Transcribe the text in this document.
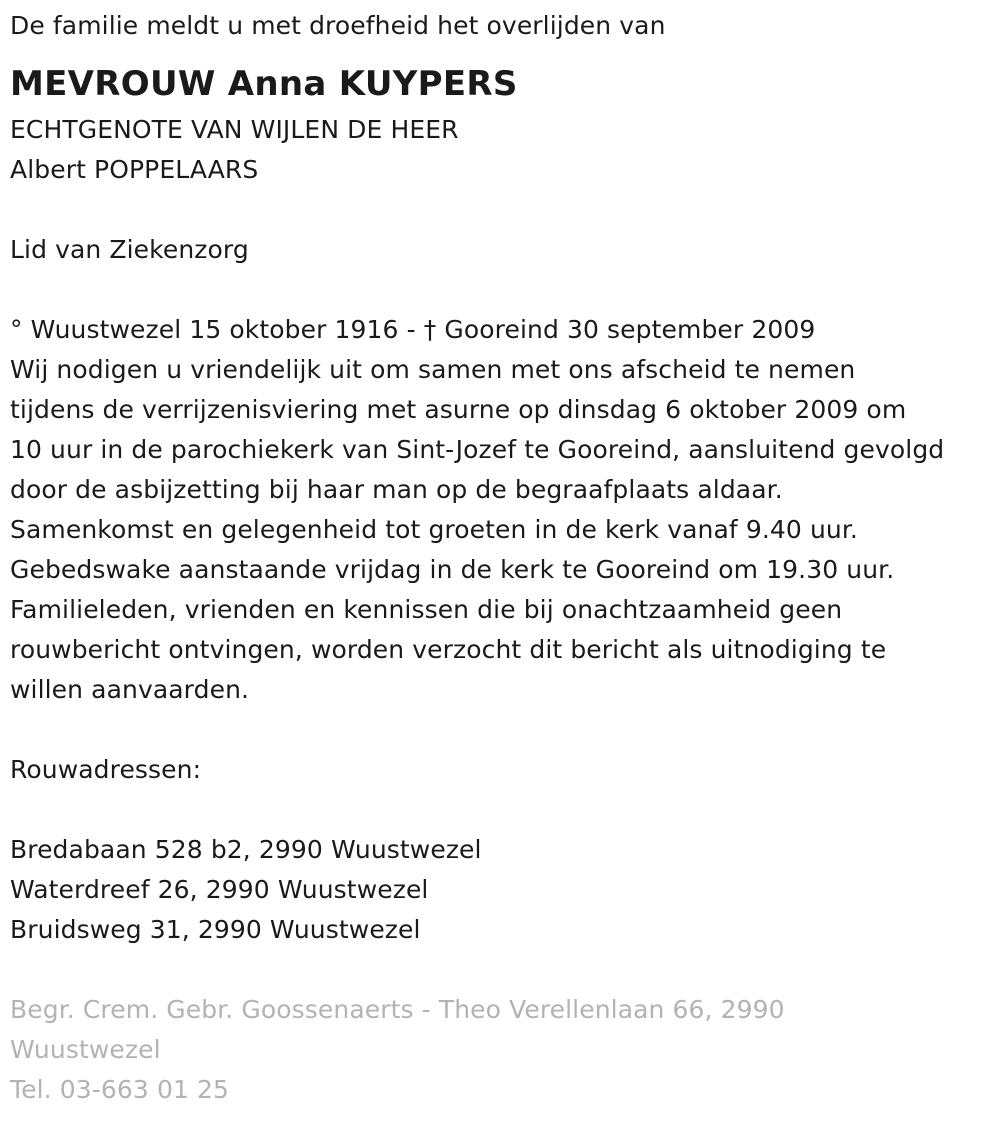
De familie meldt u met droefheid het overlijden van
MEVROUW Anna KUYPERS
ECHTGENOTE VAN WIJLEN DE HEER
Albert POPPELAARS
Lid van Ziekenzorg
° Wuustwezel 15 oktober 1916 - † Gooreind 30 september 2009
Wij nodigen u vriendelijk uit om samen met ons afscheid te nemen
tijdens de verrijzenisviering met asurne op dinsdag 6 oktober 2009 om
10 uur in de parochiekerk van Sint-Jozef te Gooreind, aansluitend gevolgd
door de asbijzetting bij haar man op de begraafplaats aldaar.
Samenkomst en gelegenheid tot groeten in de kerk vanaf 9.40 uur.
Gebedswake aanstaande vrijdag in de kerk te Gooreind om 19.30 uur.
Familieleden, vrienden en kennissen die bij onachtzaamheid geen
rouwbericht ontvingen, worden verzocht dit bericht als uitnodiging te
willen aanvaarden.
Rouwadressen:
Bredabaan 528 b2, 2990 Wuustwezel
Waterdreef 26, 2990 Wuustwezel
Bruidsweg 31, 2990 Wuustwezel
Begr. Crem. Gebr. Goossenaerts - Theo Verellenlaan 66, 2990 Wuustwezel
Tel. 03-663 01 25
